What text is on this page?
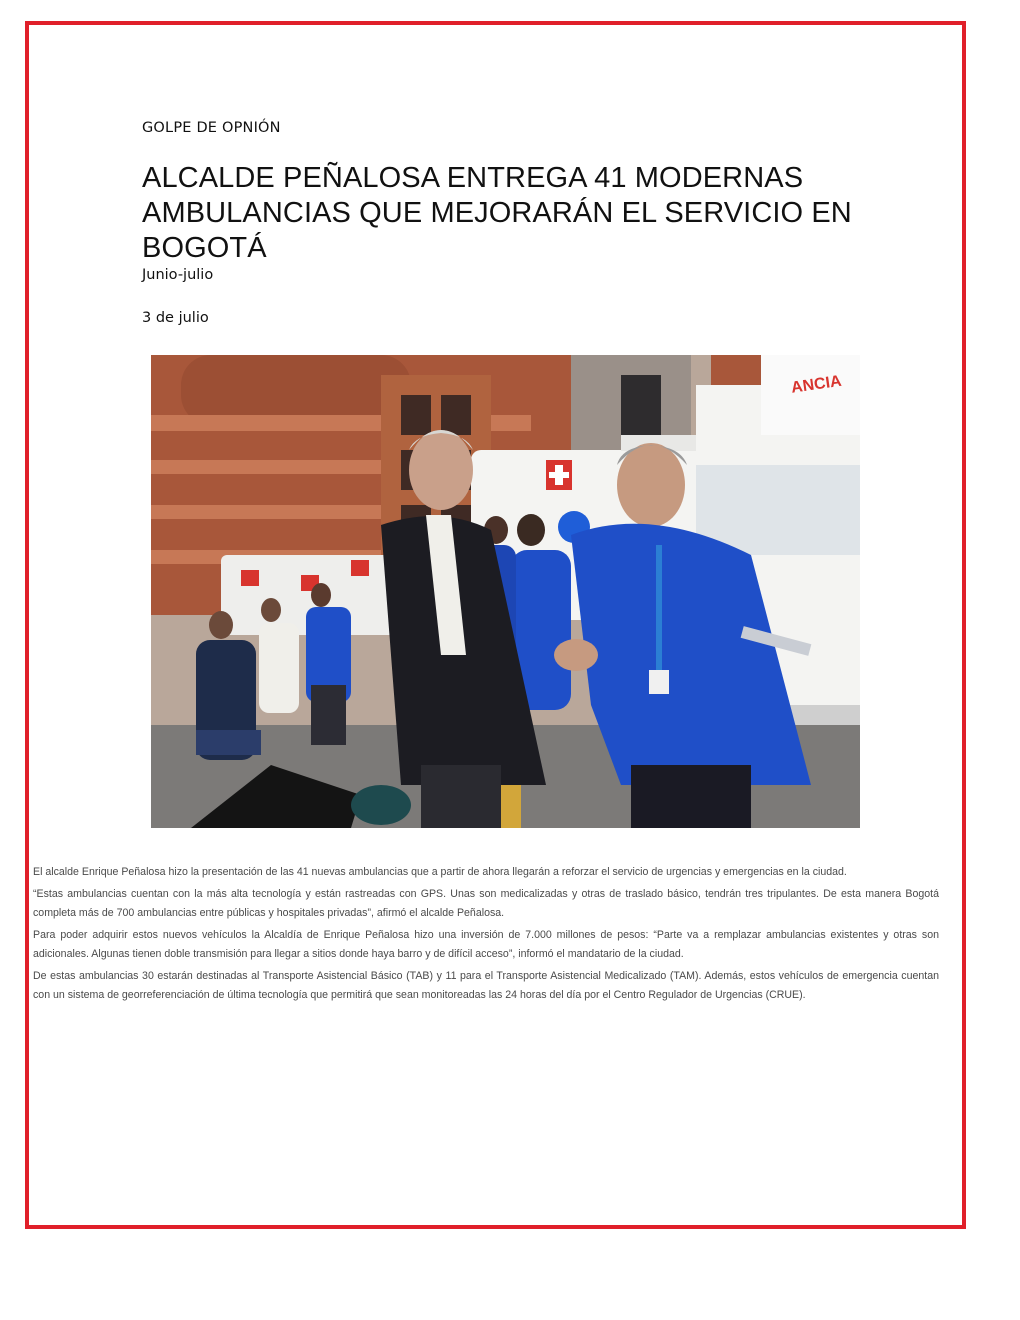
GOLPE DE OPNIÓN
ALCALDE PEÑALOSA ENTREGA 41 MODERNAS AMBULANCIAS QUE MEJORARÁN EL SERVICIO EN BOGOTÁ
Junio-julio
3 de julio
ANCIA

El alcalde Enrique Peñalosa hizo la presentación de las 41 nuevas ambulancias que a partir de ahora llegarán a reforzar el servicio de urgencias y emergencias en la ciudad.

“Estas ambulancias cuentan con la más alta tecnología y están rastreadas con GPS. Unas son medicalizadas y otras de traslado básico, tendrán tres tripulantes. De esta manera Bogotá completa más de 700 ambulancias entre públicas y hospitales privadas”, afirmó el alcalde Peñalosa.

Para poder adquirir estos nuevos vehículos la Alcaldía de Enrique Peñalosa hizo una inversión de 7.000 millones de pesos: “Parte va a remplazar ambulancias existentes y otras son adicionales. Algunas tienen doble transmisión para llegar a sitios donde haya barro y de difícil acceso”, informó el mandatario de la ciudad.

De estas ambulancias 30 estarán destinadas al Transporte Asistencial Básico (TAB) y 11 para el Transporte Asistencial Medicalizado (TAM). Además, estos vehículos de emergencia cuentan con un sistema de georreferenciación de última tecnología que permitirá que sean monitoreadas las 24 horas del día por el Centro Regulador de Urgencias (CRUE).
